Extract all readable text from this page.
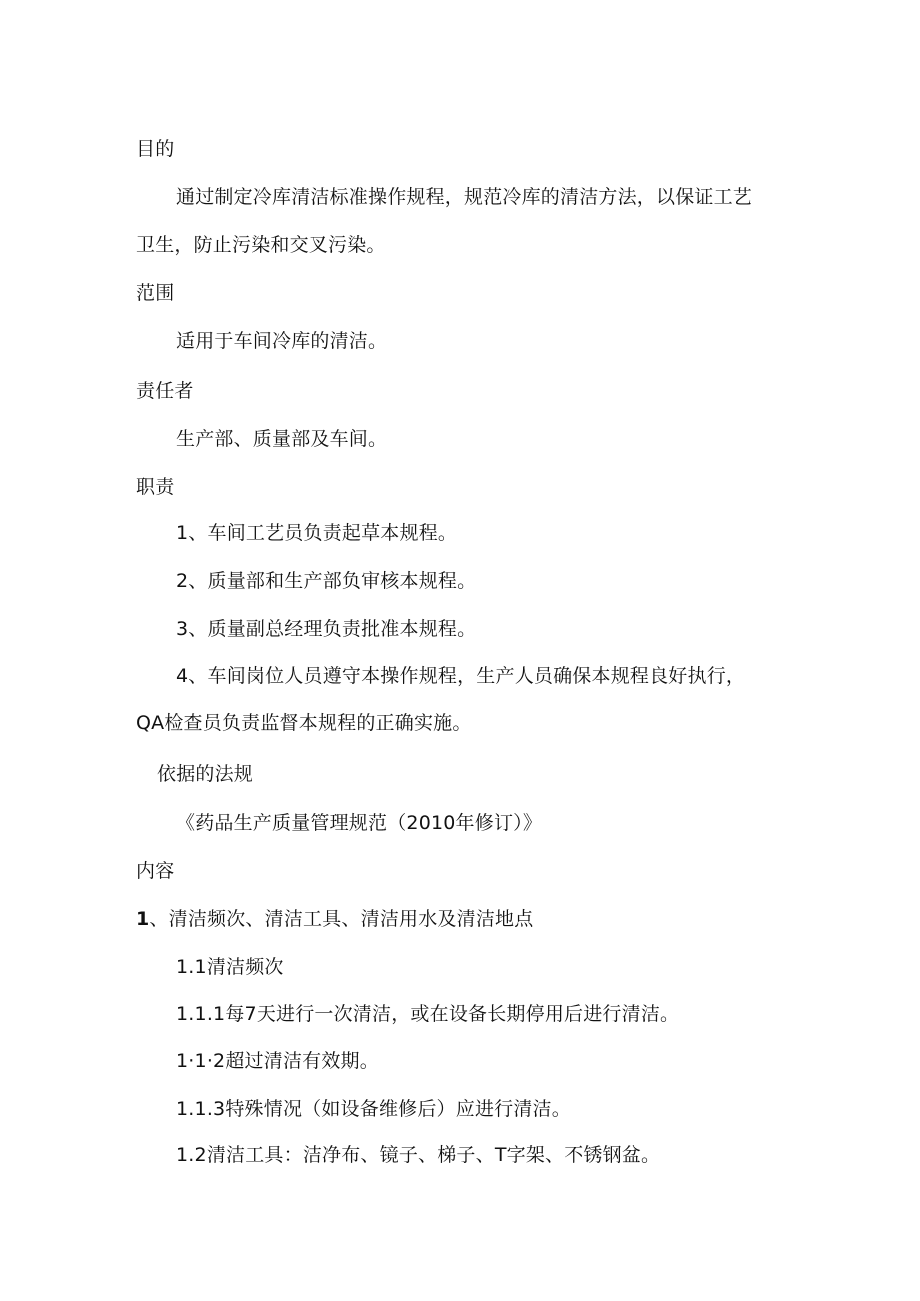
目的
通过制定冷库清洁标准操作规程，规范冷库的清洁方法，以保证工艺
卫生，防止污染和交叉污染。
范围
适用于车间冷库的清洁。
责任者
生产部、质量部及车间。
职责
1、车间工艺员负责起草本规程。
2、质量部和生产部负审核本规程。
3、质量副总经理负责批准本规程。
4、车间岗位人员遵守本操作规程，生产人员确保本规程良好执行，
QA检查员负责监督本规程的正确实施。
依据的法规
《药品生产质量管理规范（2010年修订）》
内容
1、清洁频次、清洁工具、清洁用水及清洁地点
1.1清洁频次
1.1.1每7天进行一次清洁，或在设备长期停用后进行清洁。
1·1·2超过清洁有效期。
1.1.3特殊情况（如设备维修后）应进行清洁。
1.2清洁工具：洁净布、镜子、梯子、T字架、不锈钢盆。
